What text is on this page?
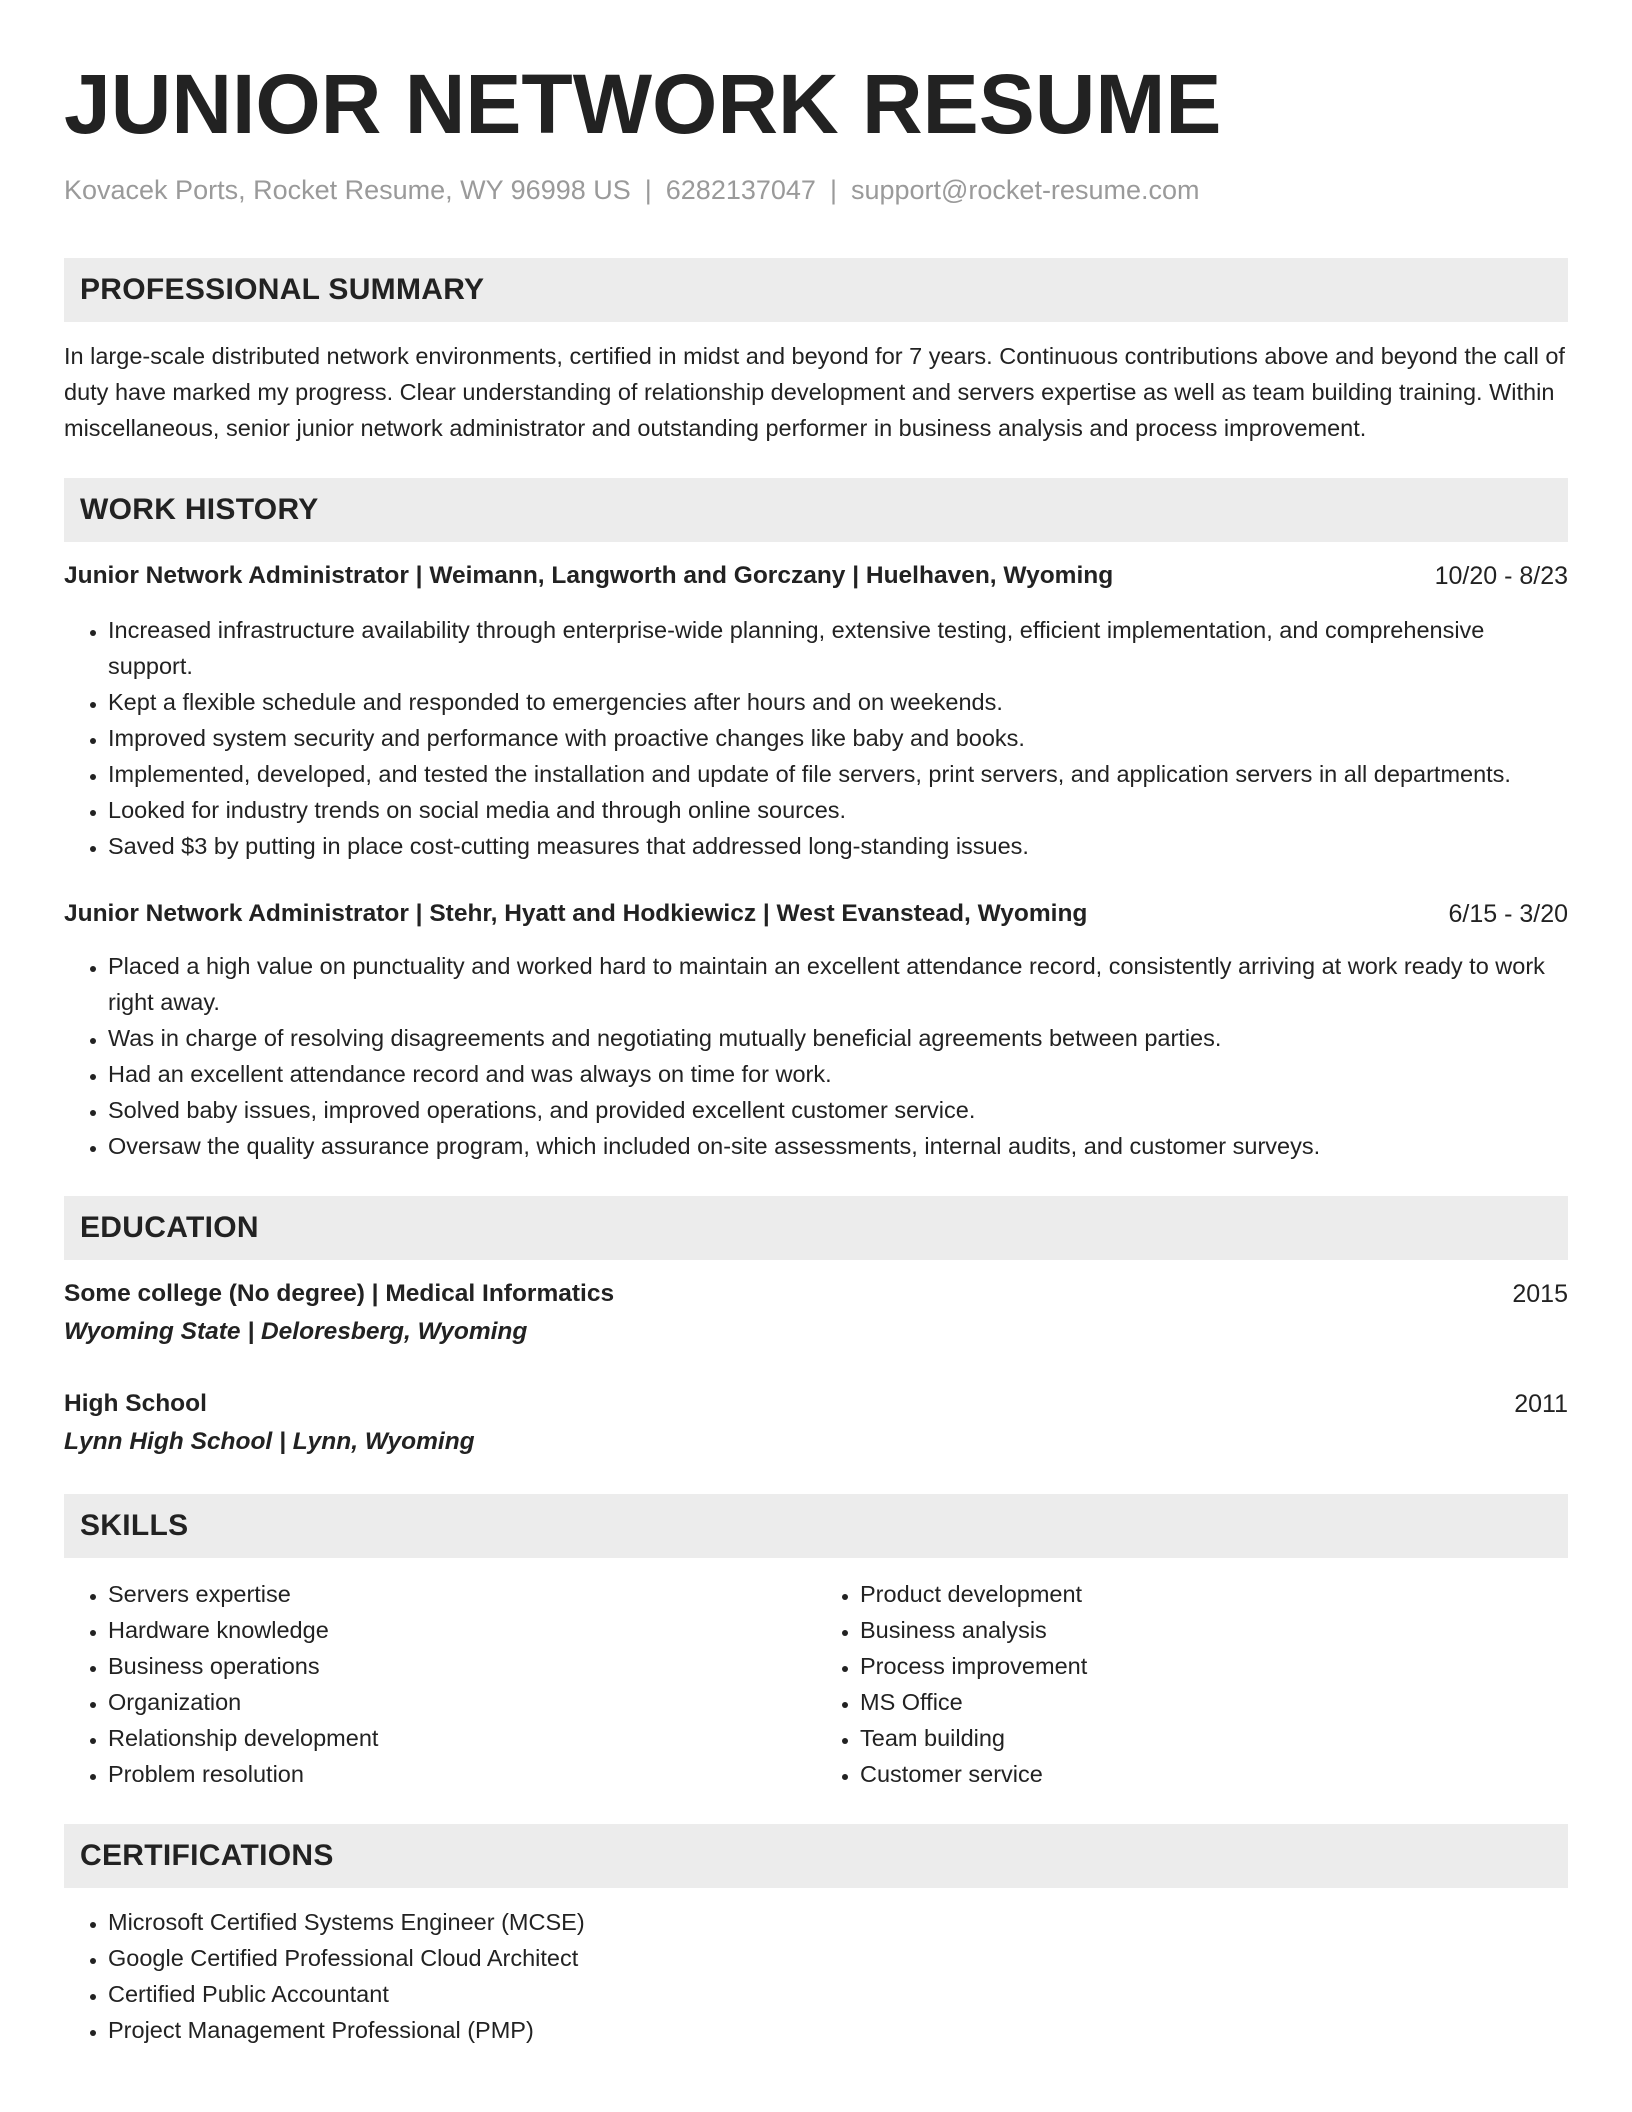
JUNIOR NETWORK RESUME
Kovacek Ports, Rocket Resume, WY 96998 US | 6282137047 | support@rocket-resume.com
PROFESSIONAL SUMMARY
In large-scale distributed network environments, certified in midst and beyond for 7 years. Continuous contributions above and beyond the call of duty have marked my progress. Clear understanding of relationship development and servers expertise as well as team building training. Within miscellaneous, senior junior network administrator and outstanding performer in business analysis and process improvement.
WORK HISTORY
Junior Network Administrator | Weimann, Langworth and Gorczany | Huelhaven, Wyoming	10/20 - 8/23
• Increased infrastructure availability through enterprise-wide planning, extensive testing, efficient implementation, and comprehensive support.
• Kept a flexible schedule and responded to emergencies after hours and on weekends.
• Improved system security and performance with proactive changes like baby and books.
• Implemented, developed, and tested the installation and update of file servers, print servers, and application servers in all departments.
• Looked for industry trends on social media and through online sources.
• Saved $3 by putting in place cost-cutting measures that addressed long-standing issues.
Junior Network Administrator | Stehr, Hyatt and Hodkiewicz | West Evanstead, Wyoming	6/15 - 3/20
• Placed a high value on punctuality and worked hard to maintain an excellent attendance record, consistently arriving at work ready to work right away.
• Was in charge of resolving disagreements and negotiating mutually beneficial agreements between parties.
• Had an excellent attendance record and was always on time for work.
• Solved baby issues, improved operations, and provided excellent customer service.
• Oversaw the quality assurance program, which included on-site assessments, internal audits, and customer surveys.
EDUCATION
Some college (No degree) | Medical Informatics	2015
Wyoming State | Deloresberg, Wyoming
High School	2011
Lynn High School | Lynn, Wyoming
SKILLS
• Servers expertise
• Hardware knowledge
• Business operations
• Organization
• Relationship development
• Problem resolution
• Product development
• Business analysis
• Process improvement
• MS Office
• Team building
• Customer service
CERTIFICATIONS
• Microsoft Certified Systems Engineer (MCSE)
• Google Certified Professional Cloud Architect
• Certified Public Accountant
• Project Management Professional (PMP)
